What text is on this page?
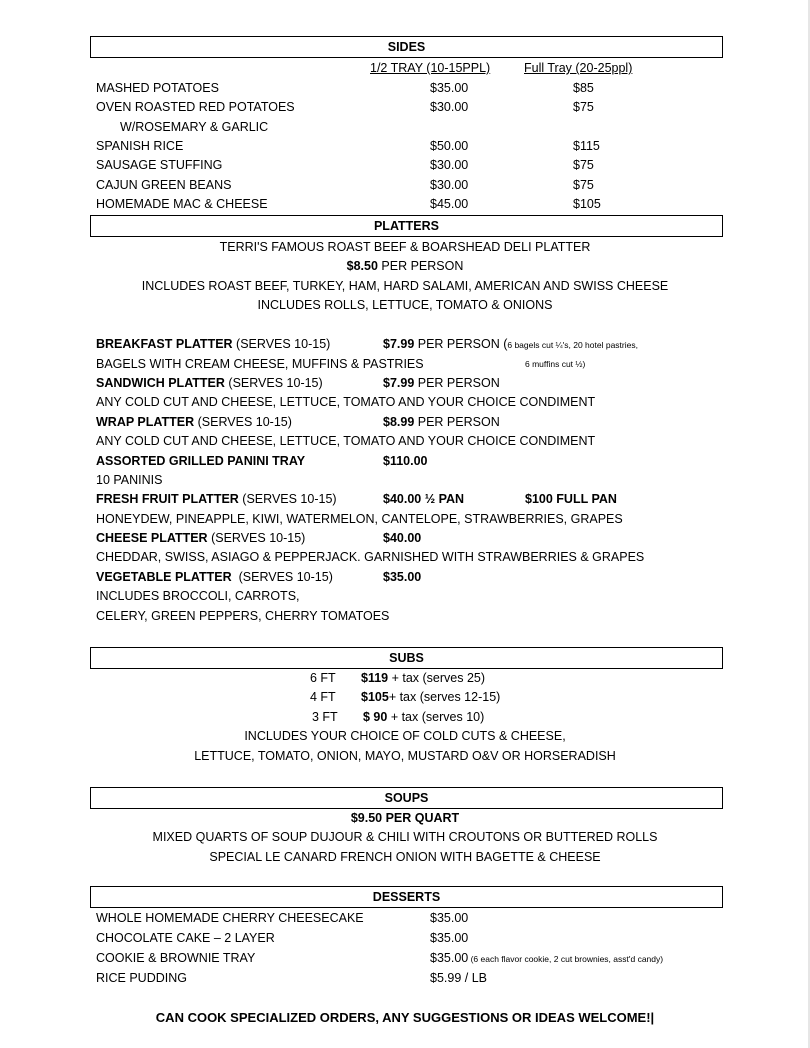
SIDES
1/2 TRAY (10-15PPL)	Full Tray (20-25ppl)
MASHED POTATOES	$35.00	$85
OVEN ROASTED RED POTATOES	$30.00	$75
W/ROSEMARY & GARLIC
SPANISH RICE	$50.00	$115
SAUSAGE STUFFING	$30.00	$75
CAJUN GREEN BEANS	$30.00	$75
HOMEMADE MAC & CHEESE	$45.00	$105
PLATTERS
TERRI'S FAMOUS ROAST BEEF & BOARSHEAD DELI PLATTER
$8.50 PER PERSON
INCLUDES ROAST BEEF, TURKEY, HAM, HARD SALAMI, AMERICAN AND SWISS CHEESE
INCLUDES ROLLS, LETTUCE, TOMATO & ONIONS
BREAKFAST PLATTER (SERVES 10-15)	$7.99 PER PERSON (6 bagels cut ¼'s, 20 hotel pastries,
BAGELS WITH CREAM CHEESE, MUFFINS & PASTRIES	6 muffins cut ½)
SANDWICH PLATTER (SERVES 10-15)	$7.99 PER PERSON
ANY COLD CUT AND CHEESE, LETTUCE, TOMATO AND YOUR CHOICE CONDIMENT
WRAP PLATTER (SERVES 10-15)	$8.99 PER PERSON
ANY COLD CUT AND CHEESE, LETTUCE, TOMATO AND YOUR CHOICE CONDIMENT
ASSORTED GRILLED PANINI TRAY	$110.00
10 PANINIS
FRESH FRUIT PLATTER (SERVES 10-15)	$40.00 ½ PAN	$100 FULL PAN
HONEYDEW, PINEAPPLE, KIWI, WATERMELON, CANTELOPE, STRAWBERRIES, GRAPES
CHEESE PLATTER (SERVES 10-15)	$40.00
CHEDDAR, SWISS, ASIAGO & PEPPERJACK. GARNISHED WITH STRAWBERRIES & GRAPES
VEGETABLE PLATTER  (SERVES 10-15)	$35.00
INCLUDES BROCCOLI, CARROTS,
CELERY, GREEN PEPPERS, CHERRY TOMATOES
SUBS
6 FT $119 + tax (serves 25)
4 FT $105+ tax (serves 12-15)
3 FT $ 90 + tax (serves 10)
INCLUDES YOUR CHOICE OF COLD CUTS & CHEESE,
LETTUCE, TOMATO, ONION, MAYO, MUSTARD O&V OR HORSERADISH
SOUPS
$9.50 PER QUART
MIXED QUARTS OF SOUP DUJOUR & CHILI WITH CROUTONS OR BUTTERED ROLLS
SPECIAL LE CANARD FRENCH ONION WITH BAGETTE & CHEESE
DESSERTS
WHOLE HOMEMADE CHERRY CHEESECAKE	$35.00
CHOCOLATE CAKE – 2 LAYER	$35.00
COOKIE & BROWNIE TRAY	$35.00 (6 each flavor cookie, 2 cut brownies, asst'd candy)
RICE PUDDING	$5.99 / LB
CAN COOK SPECIALIZED ORDERS, ANY SUGGESTIONS OR IDEAS WELCOME!|
